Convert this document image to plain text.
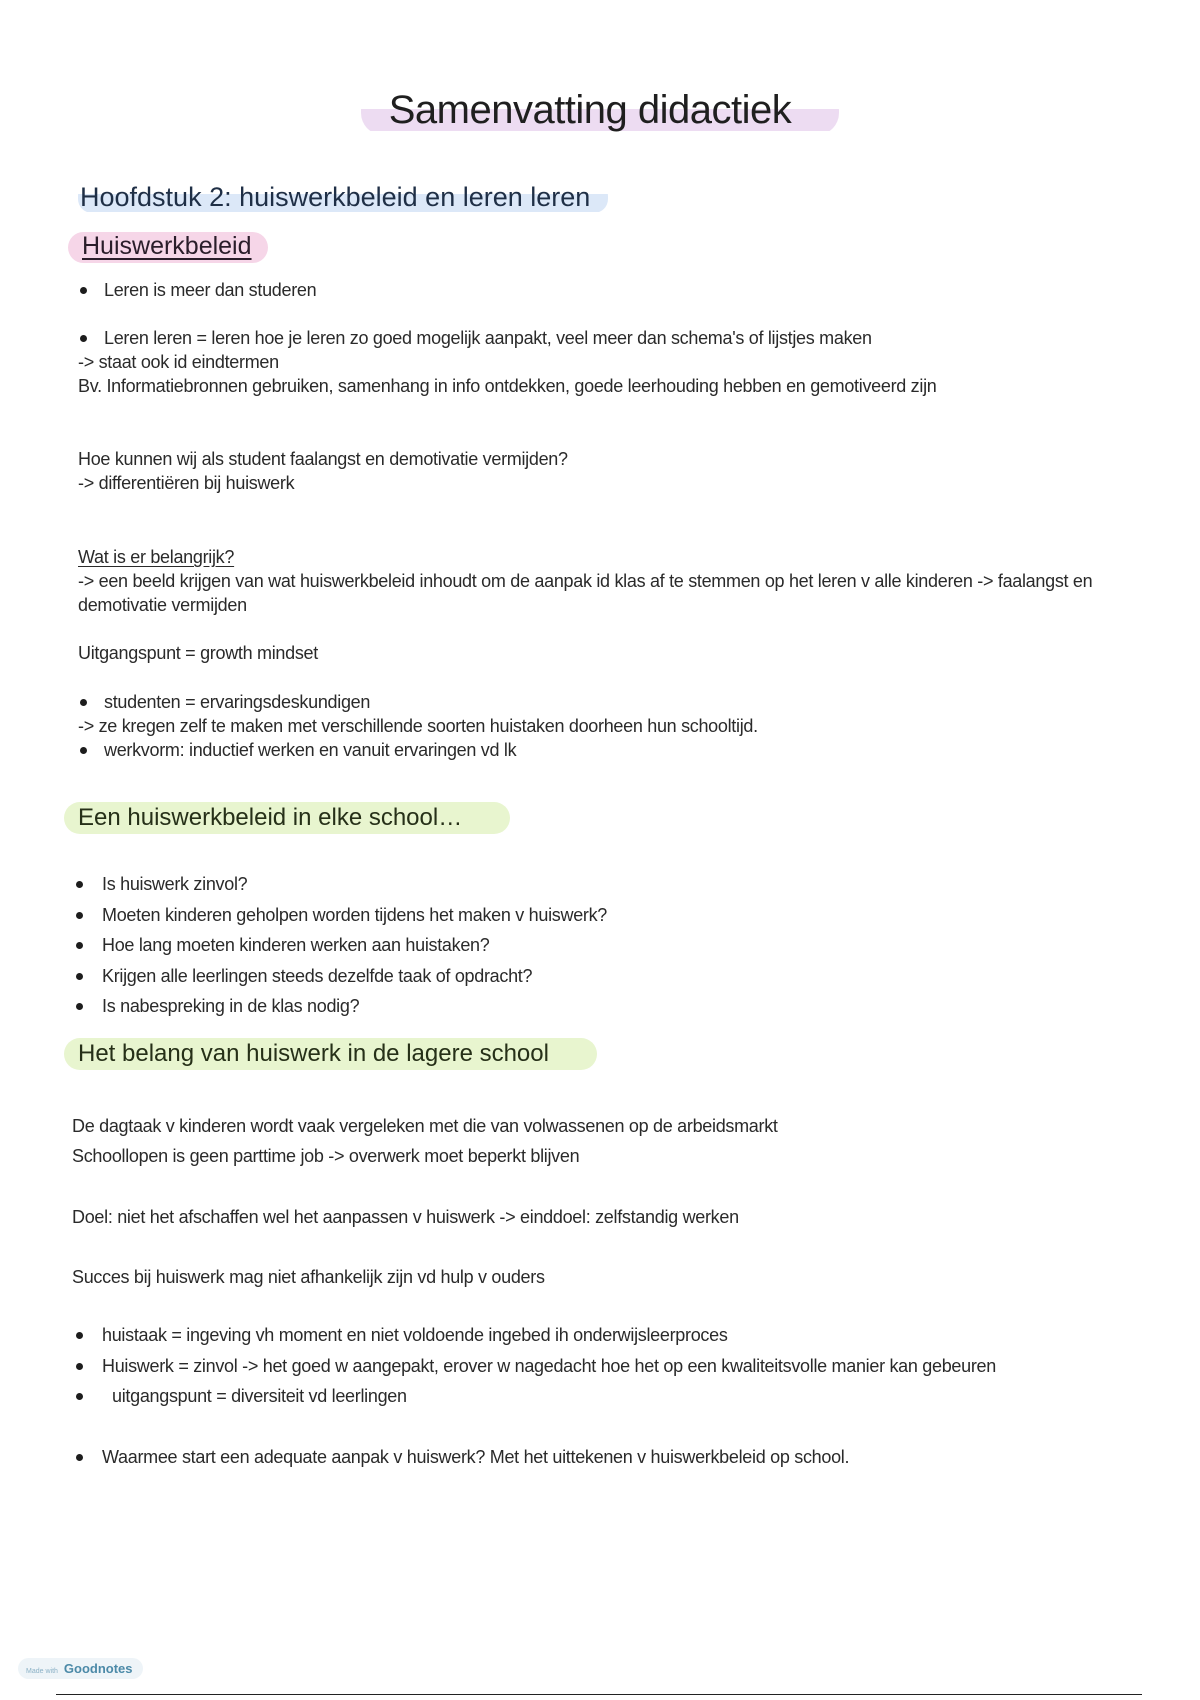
Samenvatting didactiek
Hoofdstuk 2: huiswerkbeleid en leren leren
Huiswerkbeleid
Leren is meer dan studeren
Leren leren = leren hoe je leren zo goed mogelijk aanpakt, veel meer dan schema's of lijstjes maken
-> staat ook id eindtermen
Bv. Informatiebronnen gebruiken, samenhang in info ontdekken, goede leerhouding hebben en gemotiveerd zijn
Hoe kunnen wij als student faalangst en demotivatie vermijden?
-> differentiëren bij huiswerk
Wat is er belangrijk?
-> een beeld krijgen van wat huiswerkbeleid inhoudt om de aanpak id klas af te stemmen op het leren v alle kinderen -> faalangst en demotivatie vermijden
Uitgangspunt = growth mindset
studenten = ervaringsdeskundigen
-> ze kregen zelf te maken met verschillende soorten huistaken doorheen hun schooltijd.
werkvorm: inductief werken en vanuit ervaringen vd lk
Een huiswerkbeleid in elke school…
Is huiswerk zinvol?
Moeten kinderen geholpen worden tijdens het maken v huiswerk?
Hoe lang moeten kinderen werken aan huistaken?
Krijgen alle leerlingen steeds dezelfde taak of opdracht?
Is nabespreking in de klas nodig?
Het belang van huiswerk in de lagere school
De dagtaak v kinderen wordt vaak vergeleken met die van volwassenen op de arbeidsmarkt
Schoollopen is geen parttime job -> overwerk moet beperkt blijven
Doel: niet het afschaffen wel het aanpassen v huiswerk -> einddoel: zelfstandig werken
Succes bij huiswerk mag niet afhankelijk zijn vd hulp v ouders
huistaak = ingeving vh moment en niet voldoende ingebed ih onderwijsleerproces
Huiswerk = zinvol -> het goed w aangepakt, erover w nagedacht hoe het op een kwaliteitsvolle manier kan gebeuren
uitgangspunt = diversiteit vd leerlingen
Waarmee start een adequate aanpak v huiswerk? Met het uittekenen v huiswerkbeleid op school.
Made with Goodnotes
